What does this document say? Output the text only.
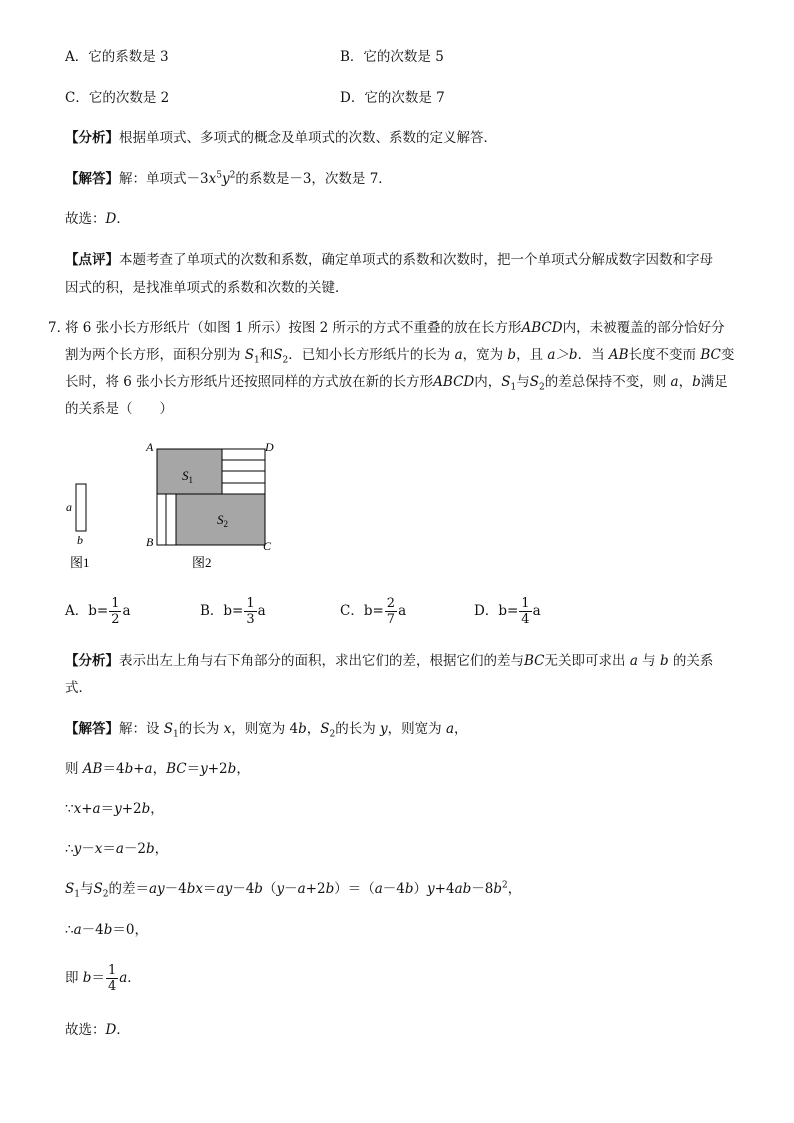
A．它的系数是 3	B．它的次数是 5
C．它的次数是 2	D．它的次数是 7
【分析】根据单项式、多项式的概念及单项式的次数、系数的定义解答．
【解答】解：单项式$-3x^5y^2$的系数是－3，次数是 7．
故选：D．
【点评】本题考查了单项式的次数和系数，确定单项式的系数和次数时，把一个单项式分解成数字因数和字母
因式的积，是找准单项式的系数和次数的关键．
7．
将 6 张小长方形纸片（如图 1 所示）按图 2 所示的方式不重叠的放在长方形ABCD内，未被覆盖的部分恰好分
割为两个长方形，面积分别为 $S_1$和$S_2$．已知小长方形纸片的长为 a，宽为 b，且 a＞b．当 AB长度不变而 BC变
长时，将 6 张小长方形纸片还按照同样的方式放在新的长方形ABCD内，$S_1$与$S_2$的差总保持不变，则 a，b满足
的关系是（　　）
a
b
图1
$S_1$
$S_2$
A	D
B	C
图2
A．$b= \frac{1}{2}$ a	B．$b= \frac{1}{3}$ a	C．$b= \frac{2}{7}$ a	D．$b= \frac{1}{4}$ a
【分析】表示出左上角与右下角部分的面积，求出它们的差，根据它们的差与BC无关即可求出 a 与 b 的关系
式．
【解答】解：设 $S_1$的长为 x，则宽为 4b，$S_2$的长为 y，则宽为 a，
则 AB＝4b+a，BC＝y+2b，
∵x+a＝y+2b，
∴y－x＝a－2b，
$S_1$与$S_2$的差$=ay-4bx=ay-4b(y-a+2b)=(a-4b)y+4ab-8b^2$，
∴a－4b＝0，
即 $b= \frac{1}{4}$ a．
故选：D．
